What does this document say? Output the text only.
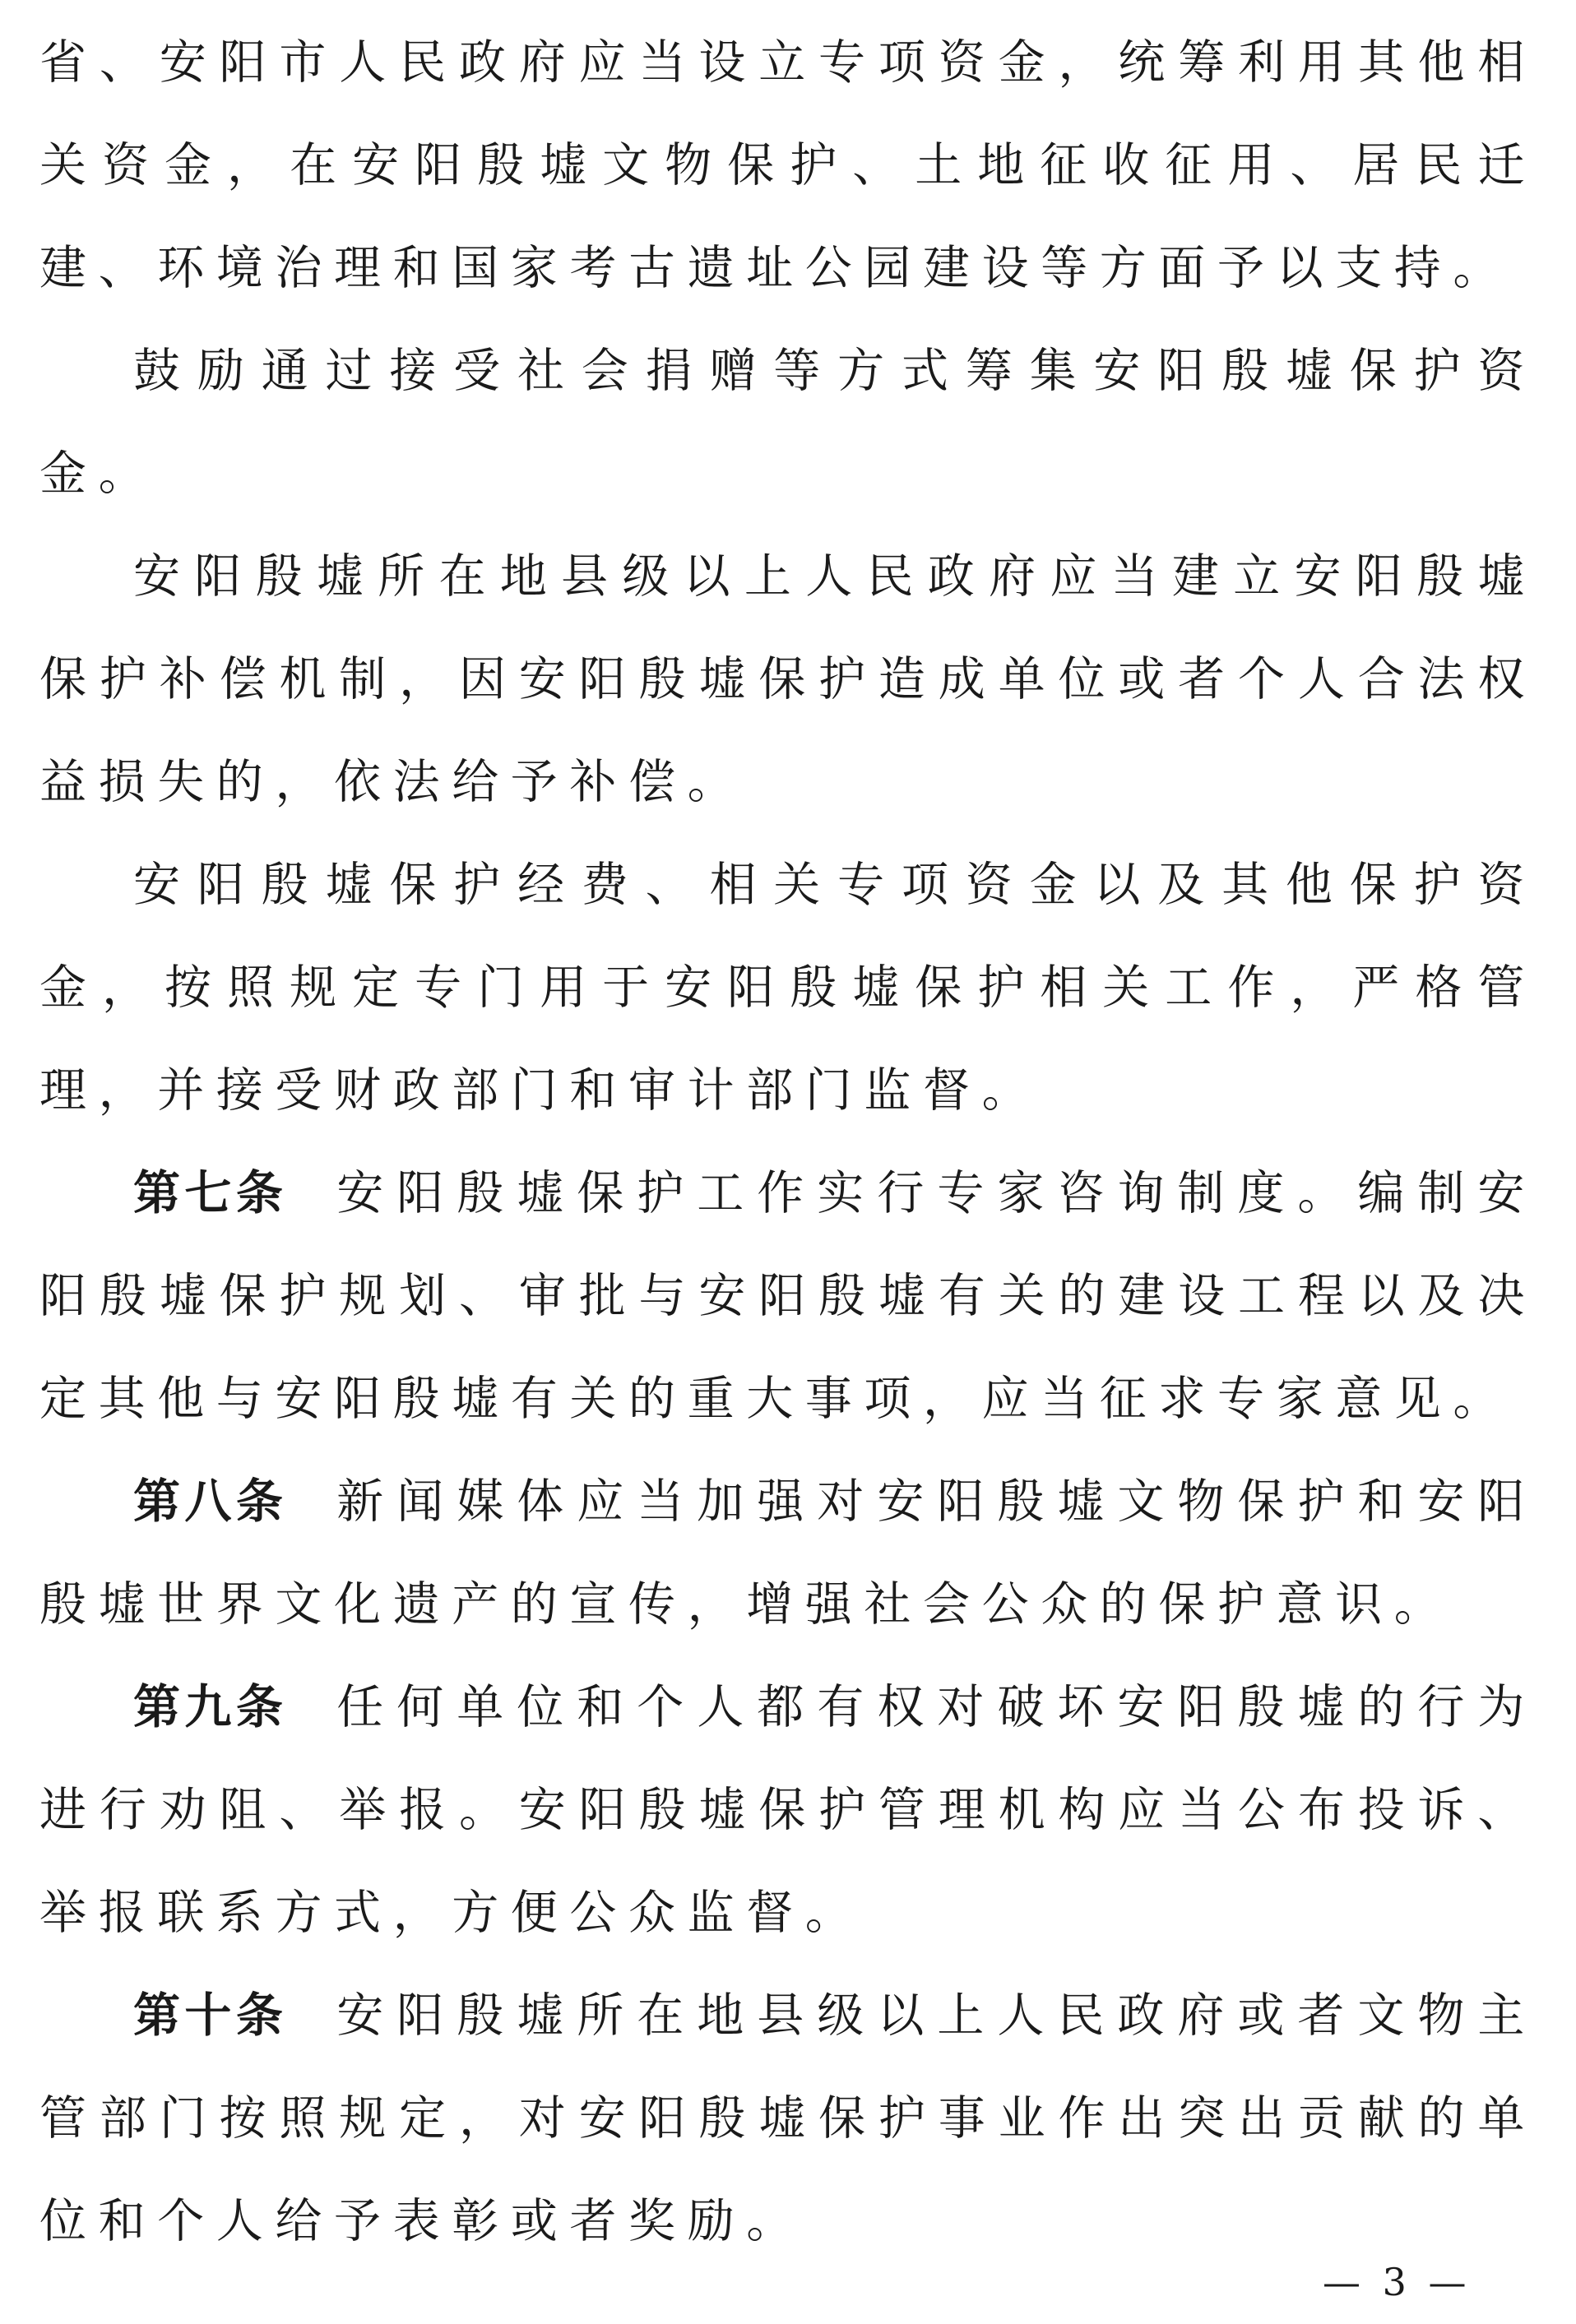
省、安阳市人民政府应当设立专项资金，统筹利用其他相关资金，在安阳殷墟文物保护、土地征收征用、居民迁建、环境治理和国家考古遗址公园建设等方面予以支持。

鼓励通过接受社会捐赠等方式筹集安阳殷墟保护资金。

安阳殷墟所在地县级以上人民政府应当建立安阳殷墟保护补偿机制，因安阳殷墟保护造成单位或者个人合法权益损失的，依法给予补偿。

安阳殷墟保护经费、相关专项资金以及其他保护资金，按照规定专门用于安阳殷墟保护相关工作，严格管理，并接受财政部门和审计部门监督。

第七条 安阳殷墟保护工作实行专家咨询制度。编制安阳殷墟保护规划、审批与安阳殷墟有关的建设工程以及决定其他与安阳殷墟有关的重大事项，应当征求专家意见。

第八条 新闻媒体应当加强对安阳殷墟文物保护和安阳殷墟世界文化遗产的宣传，增强社会公众的保护意识。

第九条 任何单位和个人都有权对破坏安阳殷墟的行为进行劝阻、举报。安阳殷墟保护管理机构应当公布投诉、举报联系方式，方便公众监督。

第十条 安阳殷墟所在地县级以上人民政府或者文物主管部门按照规定，对安阳殷墟保护事业作出突出贡献的单位和个人给予表彰或者奖励。

— 3 —
